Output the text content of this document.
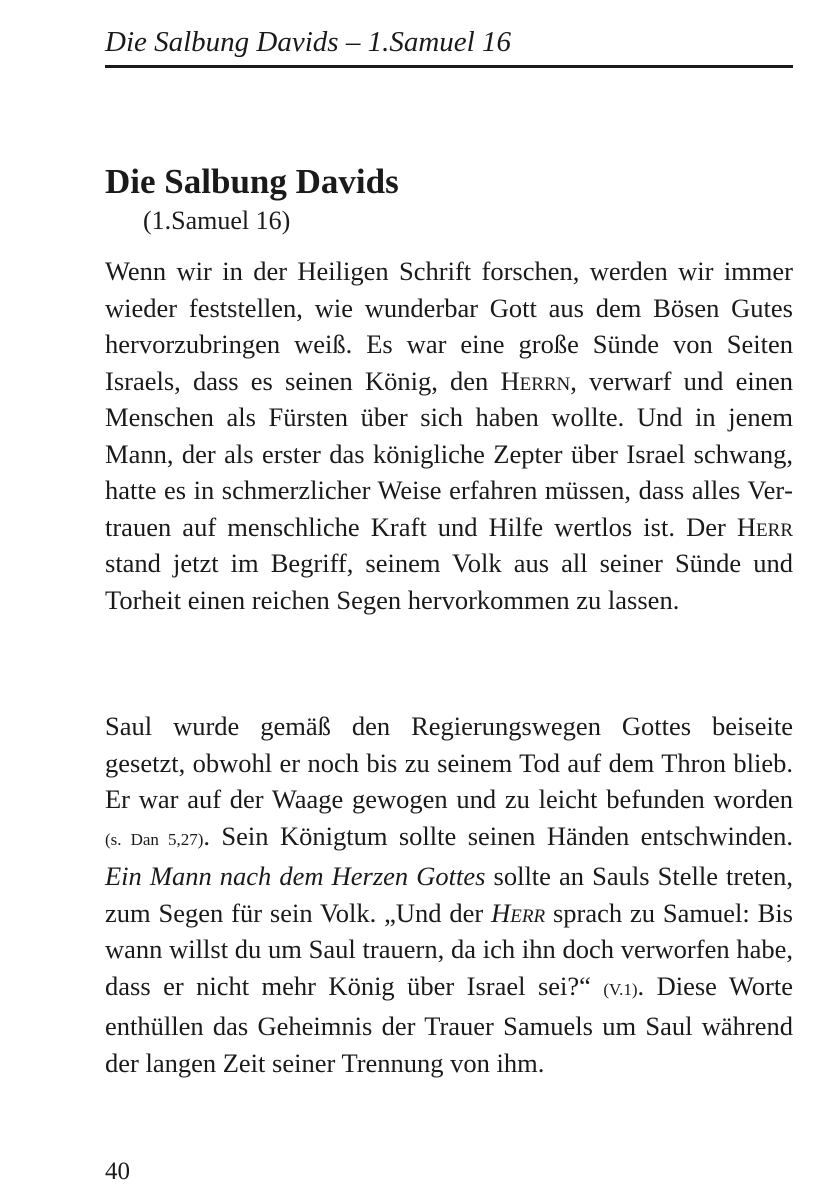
Die Salbung Davids – 1.Samuel 16
Die Salbung Davids
(1.Samuel 16)

Wenn wir in der Heiligen Schrift forschen, werden wir immer wieder feststellen, wie wunderbar Gott aus dem Bösen Gutes hervorzubringen weiß. Es war eine große Sünde von Seiten Israels, dass es seinen König, den Herrn, verwarf und einen Menschen als Fürsten über sich haben wollte. Und in jenem Mann, der als erster das königliche Zepter über Israel schwang, hatte es in schmerzlicher Weise erfahren müssen, dass alles Vertrauen auf menschliche Kraft und Hilfe wertlos ist. Der Herr stand jetzt im Begriff, seinem Volk aus all seiner Sünde und Torheit einen reichen Segen hervorkommen zu lassen.

Saul wurde gemäß den Regierungswegen Gottes beiseite gesetzt, obwohl er noch bis zu seinem Tod auf dem Thron blieb. Er war auf der Waage gewogen und zu leicht befunden worden (s. Dan 5,27). Sein Königtum sollte seinen Händen entschwinden. Ein Mann nach dem Herzen Gottes sollte an Sauls Stelle treten, zum Segen für sein Volk. „Und der Herr sprach zu Samuel: Bis wann willst du um Saul trauern, da ich ihn doch verworfen habe, dass er nicht mehr König über Israel sei?“ (V.1). Diese Worte enthüllen das Geheimnis der Trauer Samuels um Saul während der langen Zeit seiner Trennung von ihm.

40
